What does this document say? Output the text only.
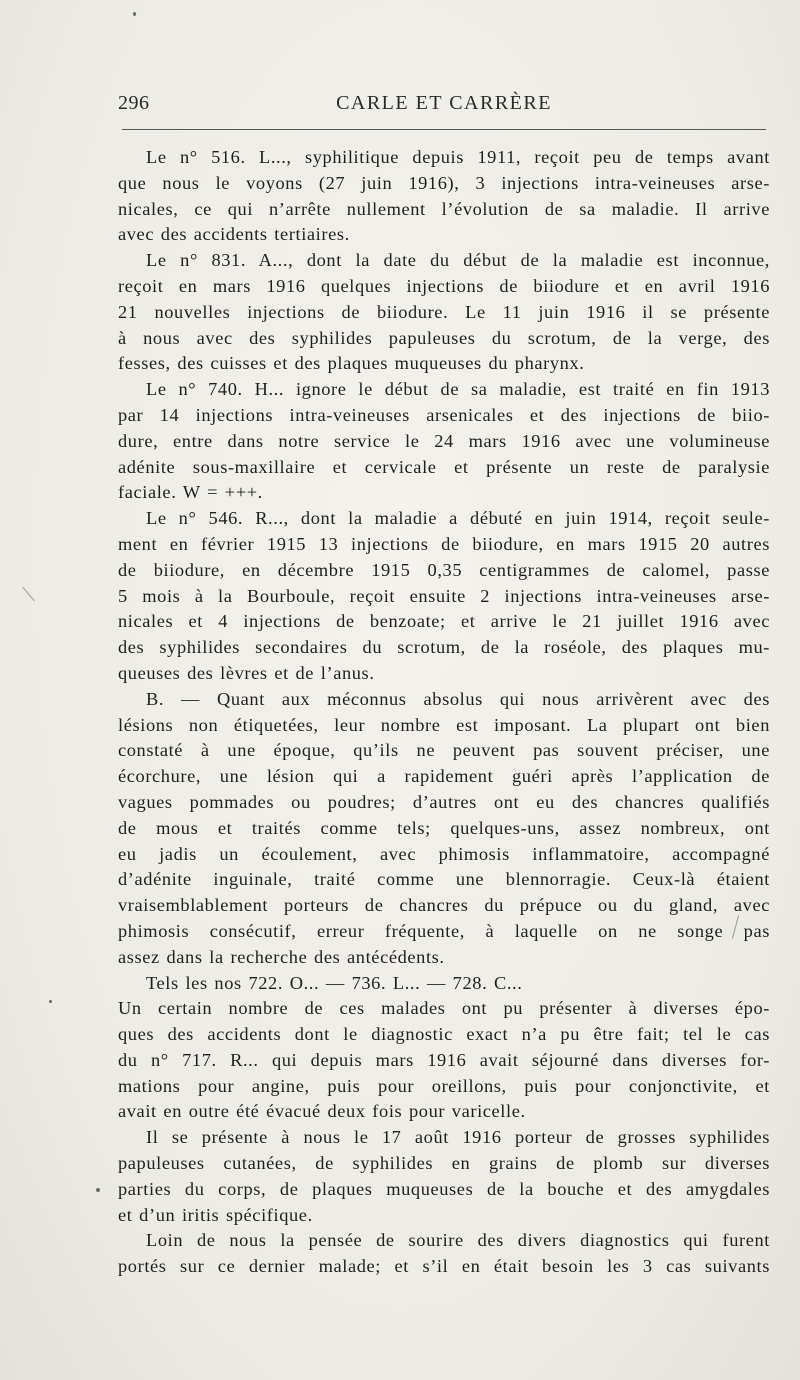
296	CARLE ET CARRÈRE
Le n° 516. L..., syphilitique depuis 1911, reçoit peu de temps avant
que nous le voyons (27 juin 1916), 3 injections intra-veineuses arse-
nicales, ce qui n’arrête nullement l’évolution de sa maladie. Il arrive
avec des accidents tertiaires.
Le n° 831. A..., dont la date du début de la maladie est inconnue,
reçoit en mars 1916 quelques injections de biiodure et en avril 1916
21 nouvelles injections de biiodure. Le 11 juin 1916 il se présente
à nous avec des syphilides papuleuses du scrotum, de la verge, des
fesses, des cuisses et des plaques muqueuses du pharynx.
Le n° 740. H... ignore le début de sa maladie, est traité en fin 1913
par 14 injections intra-veineuses arsenicales et des injections de biio-
dure, entre dans notre service le 24 mars 1916 avec une volumineuse
adénite sous-maxillaire et cervicale et présente un reste de paralysie
faciale. W = +++.
Le n° 546. R..., dont la maladie a débuté en juin 1914, reçoit seule-
ment en février 1915 13 injections de biiodure, en mars 1915 20 autres
de biiodure, en décembre 1915 0,35 centigrammes de calomel, passe
5 mois à la Bourboule, reçoit ensuite 2 injections intra-veineuses arse-
nicales et 4 injections de benzoate; et arrive le 21 juillet 1916 avec
des syphilides secondaires du scrotum, de la roséole, des plaques mu-
queuses des lèvres et de l’anus.
B. — Quant aux méconnus absolus qui nous arrivèrent avec des
lésions non étiquetées, leur nombre est imposant. La plupart ont bien
constaté à une époque, qu’ils ne peuvent pas souvent préciser, une
écorchure, une lésion qui a rapidement guéri après l’application de
vagues pommades ou poudres; d’autres ont eu des chancres qualifiés
de mous et traités comme tels; quelques-uns, assez nombreux, ont
eu jadis un écoulement, avec phimosis inflammatoire, accompagné
d’adénite inguinale, traité comme une blennorragie. Ceux-là étaient
vraisemblablement porteurs de chancres du prépuce ou du gland, avec
phimosis consécutif, erreur fréquente, à laquelle on ne songe pas
assez dans la recherche des antécédents.
Tels les nos 722. O... — 736. L... — 728. C...
Un certain nombre de ces malades ont pu présenter à diverses épo-
ques des accidents dont le diagnostic exact n’a pu être fait; tel le cas
du n° 717. R... qui depuis mars 1916 avait séjourné dans diverses for-
mations pour angine, puis pour oreillons, puis pour conjonctivite, et
avait en outre été évacué deux fois pour varicelle.
Il se présente à nous le 17 août 1916 porteur de grosses syphilides
papuleuses cutanées, de syphilides en grains de plomb sur diverses
parties du corps, de plaques muqueuses de la bouche et des amygdales
et d’un iritis spécifique.
Loin de nous la pensée de sourire des divers diagnostics qui furent
portés sur ce dernier malade; et s’il en était besoin les 3 cas suivants
